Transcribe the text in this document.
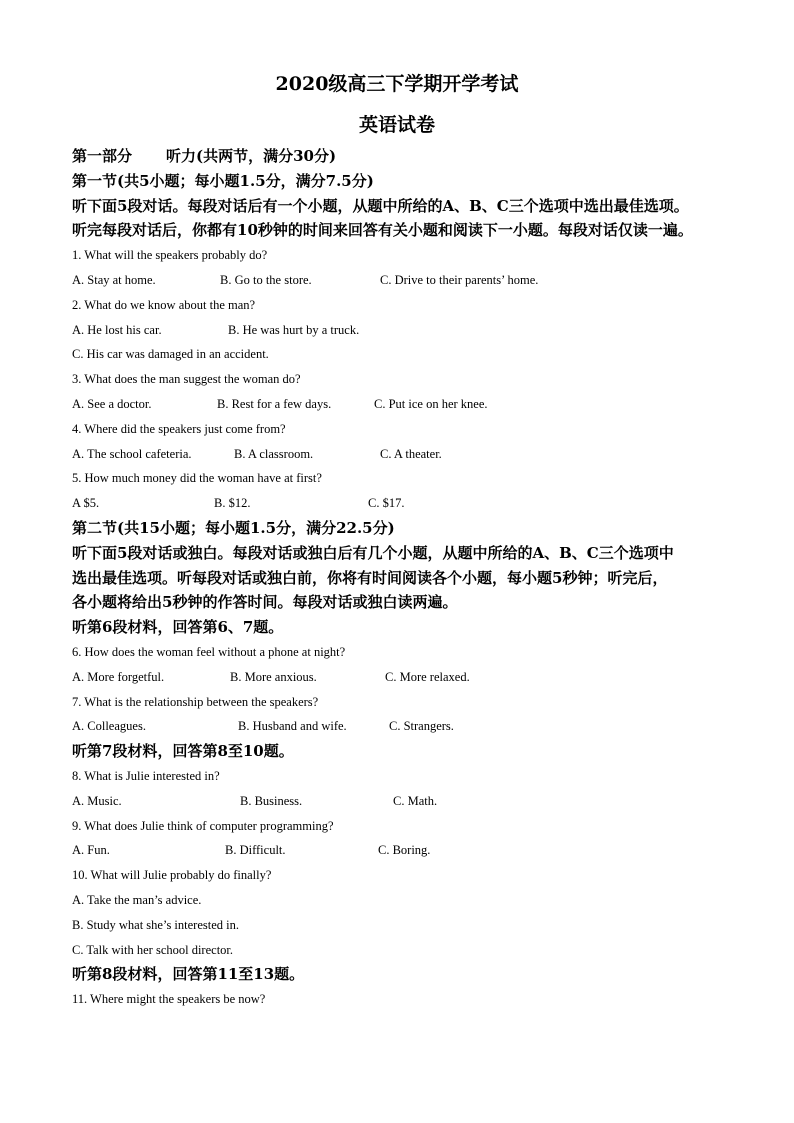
2020级高三下学期开学考试
英语试卷
第一部分 听力(共两节，满分30分)
第一节(共5小题；每小题1.5分，满分7.5分)
听下面5段对话。每段对话后有一个小题，从题中所给的A、B、C三个选项中选出最佳选项。
听完每段对话后，你都有10秒钟的时间来回答有关小题和阅读下一小题。每段对话仅读一遍。
1. What will the speakers probably do?
A. Stay at home.	B. Go to the store.	C. Drive to their parents’ home.
2. What do we know about the man?
A. He lost his car.	B. He was hurt by a truck.
C. His car was damaged in an accident.
3. What does the man suggest the woman do?
A. See a doctor.	B. Rest for a few days.	C. Put ice on her knee.
4. Where did the speakers just come from?
A. The school cafeteria.	B. A classroom.	C. A theater.
5. How much money did the woman have at first?
A $5.	B. $12.	C. $17.
第二节(共15小题；每小题1.5分，满分22.5分)
听下面5段对话或独白。每段对话或独白后有几个小题，从题中所给的A、B、C三个选项中
选出最佳选项。听每段对话或独白前，你将有时间阅读各个小题，每小题5秒钟；听完后，
各小题将给出5秒钟的作答时间。每段对话或独白读两遍。
听第6段材料，回答第6、7题。
6. How does the woman feel without a phone at night?
A. More forgetful.	B. More anxious.	C. More relaxed.
7. What is the relationship between the speakers?
A. Colleagues.	B. Husband and wife.	C. Strangers.
听第7段材料，回答第8至10题。
8. What is Julie interested in?
A. Music.	B. Business.	C. Math.
9. What does Julie think of computer programming?
A. Fun.	B. Difficult.	C. Boring.
10. What will Julie probably do finally?
A. Take the man’s advice.
B. Study what she’s interested in.
C. Talk with her school director.
听第8段材料，回答第11至13题。
11. Where might the speakers be now?
